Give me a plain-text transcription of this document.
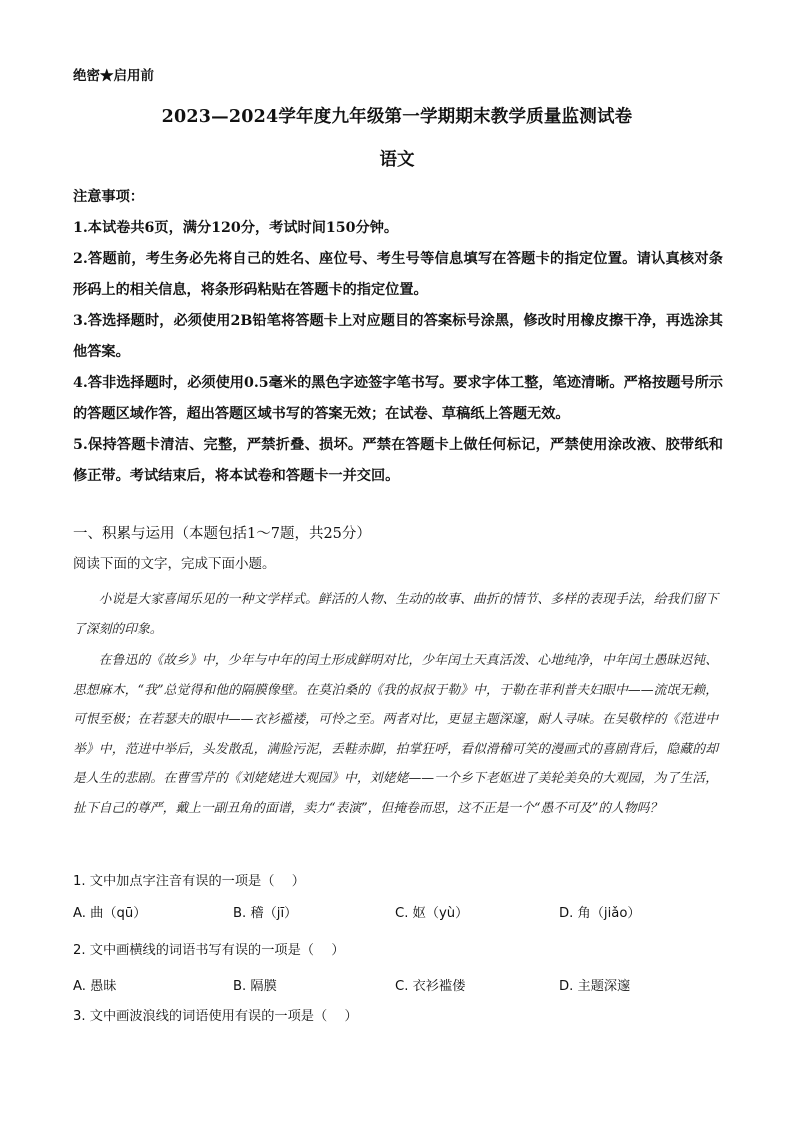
绝密★启用前
2023—2024学年度九年级第一学期期末教学质量监测试卷
语文
注意事项：
1.本试卷共6页，满分120分，考试时间150分钟。
2.答题前，考生务必先将自己的姓名、座位号、考生号等信息填写在答题卡的指定位置。请认真核对条形码上的相关信息，将条形码粘贴在答题卡的指定位置。
3.答选择题时，必须使用2B铅笔将答题卡上对应题目的答案标号涂黑，修改时用橡皮擦干净，再选涂其他答案。
4.答非选择题时，必须使用0.5毫米的黑色字迹签字笔书写。要求字体工整，笔迹清晰。严格按题号所示的答题区域作答，超出答题区域书写的答案无效；在试卷、草稿纸上答题无效。
5.保持答题卡清洁、完整，严禁折叠、损坏。严禁在答题卡上做任何标记，严禁使用涂改液、胶带纸和修正带。考试结束后，将本试卷和答题卡一并交回。
一、积累与运用（本题包括1～7题，共25分）
阅读下面的文字，完成下面小题。

小说是大家喜闻乐见的一种文学样式。鲜活的人物、生动的故事、曲折的情节、多样的表现手法，给我们留下了深刻的印象。

在鲁迅的《故乡》中，少年与中年的闰土形成鲜明对比，少年闰土天真活泼、心地纯净，中年闰土愚昧迟钝、思想麻木，“我”总觉得和他的隔膜像壁。在莫泊桑的《我的叔叔于勒》中，于勒在菲利普夫妇眼中——流氓无赖，可恨至极；在若瑟夫的眼中——衣衫褴褛，可怜之至。两者对比，更显主题深邃，耐人寻味。在吴敬梓的《范进中举》中，范进中举后，头发散乱，满脸污泥，丢鞋赤脚，拍掌狂呼，看似滑稽可笑的漫画式的喜剧背后，隐藏的却是人生的悲剧。在曹雪芹的《刘姥姥进大观园》中，刘姥姥——一个乡下老妪进了美轮美奂的大观园，为了生活，扯下自己的尊严，戴上一副丑角的面谱，卖力“表演”，但掩卷而思，这不正是一个“愚不可及”的人物吗？

1. 文中加点字注音有误的一项是（　 ）
A. 曲（qū）	B. 稽（jī）	C. 妪（yù）	D. 角（jiǎo）
2. 文中画横线的词语书写有误的一项是（　 ）
A. 愚昧	B. 隔膜	C. 衣衫褴偻	D. 主题深邃
3. 文中画波浪线的词语使用有误的一项是（　 ）
